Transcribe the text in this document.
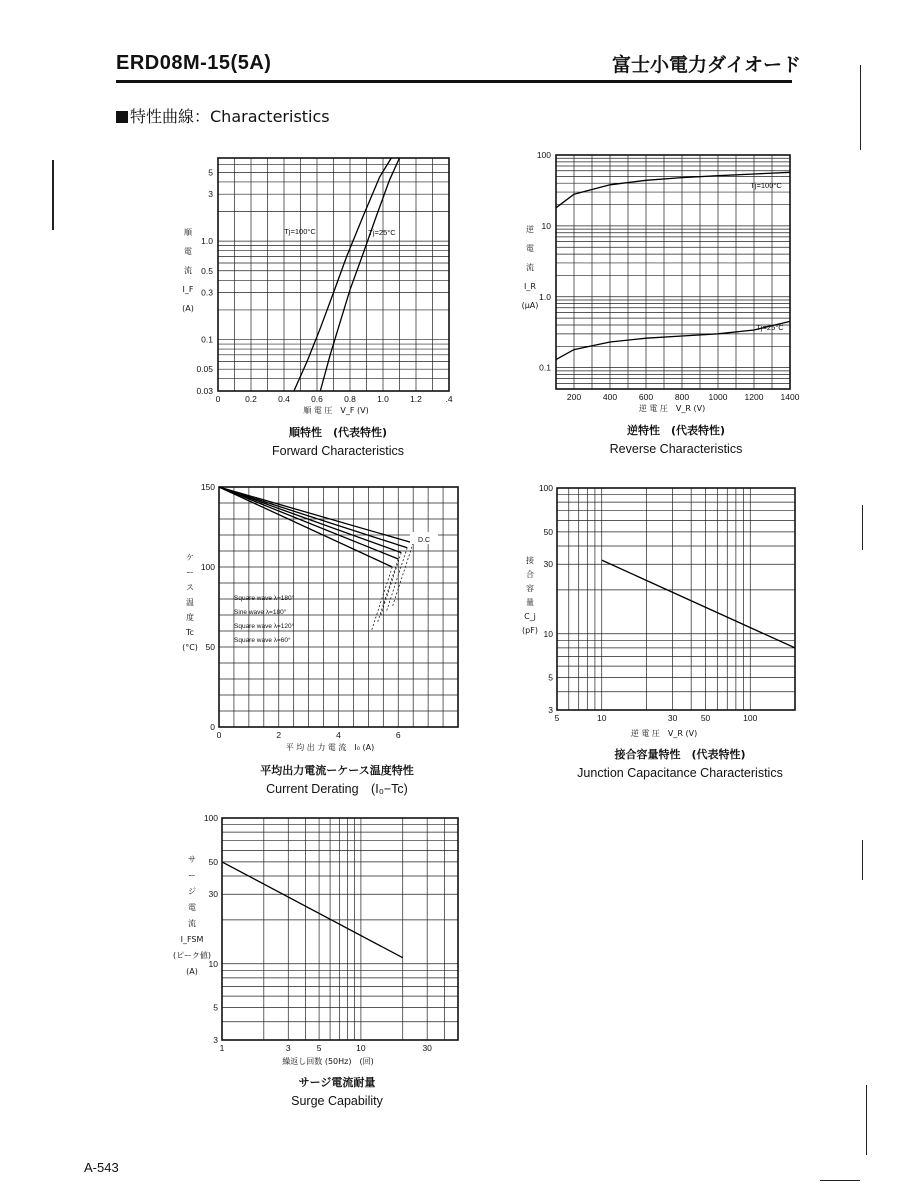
ERD08M-15(5A)	富士小電力ダイオード
特性曲線：Characteristics
0	0.2 0.4 0.6 0.8 1.0 1.2	.4
5
3
1.0
0.5
0.3
0.1
0.05
0.03
順 電 圧　V_F (V)
順
電
流
I_F
(A)
Tj=100°C	Tj=25°C
200	400	600	800 1000 1200 1400
100
10
1.0
0.1
逆 電 圧　V_R (V)
逆
電
流
I_R
(μA)
Tj=100°C
Tj=25°C
0	2	4	6
0
50
100
150
平 均 出 力 電 流　I₀ (A)
ケ
ー
ス
温
度
Tc
(°C)
D.C
Square wave λ=180°
Sine wave λ=180°
Square wave λ=120°
Square wave λ=60°
5	10	30	50	100
100
50
30
10
5
3
逆 電 圧　V_R (V)
接
合
容
量
C_j
(pF)
1	3	5	10	30
100
50
30
10
5
3
繰返し回数 (50Hz)　(回)
サ
ー
ジ
電
流
I_FSM
(ピーク値)
(A)
順特性　(代表特性)
Forward Characteristics
逆特性　(代表特性)
Reverse Characteristics
平均出力電流ーケース温度特性
Current Derating　(I₀−Tc)
接合容量特性　(代表特性)
Junction Capacitance Characteristics
サージ電流耐量
Surge Capability
A-543
